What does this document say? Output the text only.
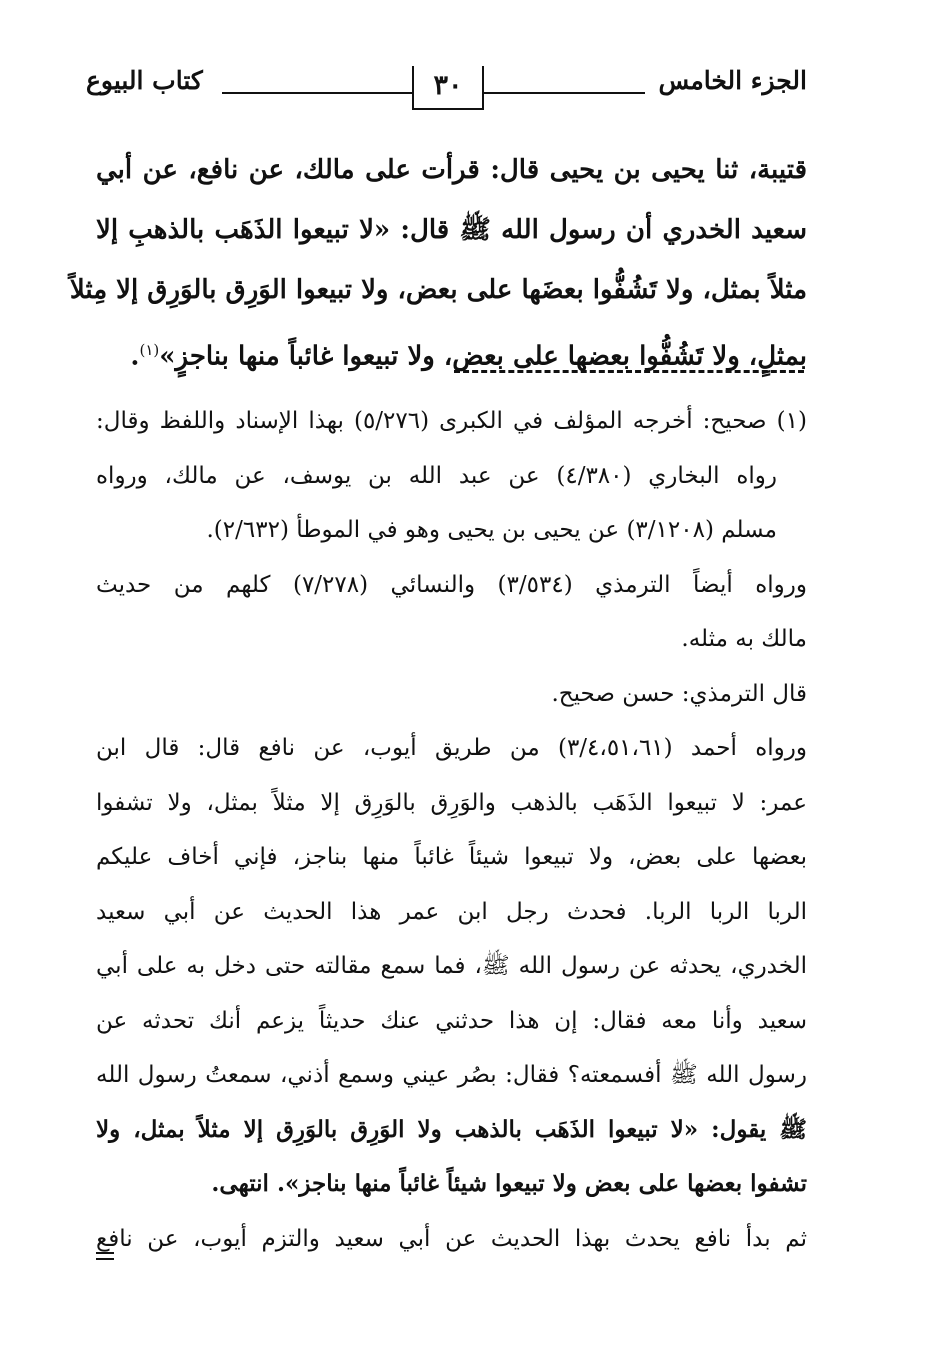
الجزء الخامس
٣٠
كتاب البيوع
قتيبة، ثنا يحيى بن يحيى قال: قرأت على مالك، عن نافع، عن أبي
سعيد الخدري أن رسول الله ﷺ قال: «لا تبيعوا الذَهَب بالذهبِ إلا
مثلاً بمثل، ولا تَشُفُّوا بعضَها على بعض، ولا تبيعوا الوَرِق بالوَرِق إلا مِثلاً
بمثلٍ، ولا تَشُفُّوا بعضها على بعض، ولا تبيعوا غائباً منها بناجزٍ»$^{(١)}$.
(١) صحيح: أخرجه المؤلف في الكبرى (٥/٢٧٦) بهذا الإسناد واللفظ وقال:
رواه البخاري (٤/٣٨٠) عن عبد الله بن يوسف، عن مالك، ورواه
مسلم (٣/١٢٠٨) عن يحيى بن يحيى وهو في الموطأ (٢/٦٣٢).
ورواه أيضاً الترمذي (٣/٥٣٤) والنسائي (٧/٢٧٨) كلهم من حديث
مالك به مثله.
قال الترمذي: حسن صحيح.
ورواه أحمد (٣/٤،٥١،٦١) من طريق أيوب، عن نافع قال: قال ابن
عمر: لا تبيعوا الذَهَب بالذهب والوَرِق بالوَرِق إلا مثلاً بمثل، ولا تشفوا
بعضها على بعض، ولا تبيعوا شيئاً غائباً منها بناجز، فإني أخاف عليكم
الربا الربا الربا. فحدث رجل ابن عمر هذا الحديث عن أبي سعيد
الخدري، يحدثه عن رسول الله ﷺ، فما سمع مقالته حتى دخل به على أبي
سعيد وأنا معه فقال: إن هذا حدثني عنك حديثاً يزعم أنك تحدثه عن
رسول الله ﷺ أفسمعته؟ فقال: بصُر عيني وسمع أذني، سمعتُ رسول الله
ﷺ يقول: «لا تبيعوا الذَهَب بالذهب ولا الوَرِق بالوَرِق إلا مثلاً بمثل، ولا
تشفوا بعضها على بعض ولا تبيعوا شيئاً غائباً منها بناجز». انتهى.
ثم بدأ نافع يحدث بهذا الحديث عن أبي سعيد والتزم أيوب، عن نافع
